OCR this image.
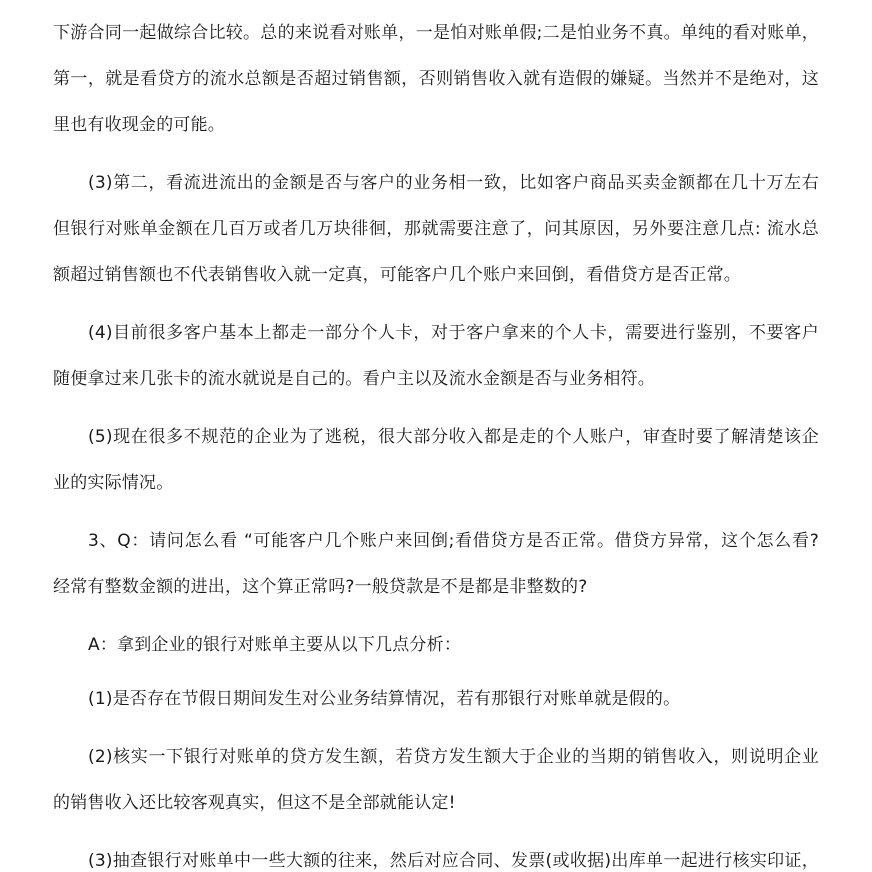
下游合同一起做综合比较。总的来说看对账单，一是怕对账单假;二是怕业务不真。单纯的看对账单，
第一，就是看贷方的流水总额是否超过销售额，否则销售收入就有造假的嫌疑。当然并不是绝对，这
里也有收现金的可能。
(3)第二，看流进流出的金额是否与客户的业务相一致，比如客户商品买卖金额都在几十万左右
但银行对账单金额在几百万或者几万块徘徊，那就需要注意了，问其原因，另外要注意几点: 流水总
额超过销售额也不代表销售收入就一定真，可能客户几个账户来回倒，看借贷方是否正常。
(4)目前很多客户基本上都走一部分个人卡，对于客户拿来的个人卡，需要进行鉴别，不要客户
随便拿过来几张卡的流水就说是自己的。看户主以及流水金额是否与业务相符。
(5)现在很多不规范的企业为了逃税，很大部分收入都是走的个人账户，审查时要了解清楚该企
业的实际情况。
3、Q：请问怎么看 “可能客户几个账户来回倒;看借贷方是否正常。借贷方异常，这个怎么看?
经常有整数金额的进出，这个算正常吗?一般贷款是不是都是非整数的?
A：拿到企业的银行对账单主要从以下几点分析：
(1)是否存在节假日期间发生对公业务结算情况，若有那银行对账单就是假的。
(2)核实一下银行对账单的贷方发生额，若贷方发生额大于企业的当期的销售收入，则说明企业
的销售收入还比较客观真实，但这不是全部就能认定!
(3)抽查银行对账单中一些大额的往来，然后对应合同、发票(或收据)出库单一起进行核实印证，
